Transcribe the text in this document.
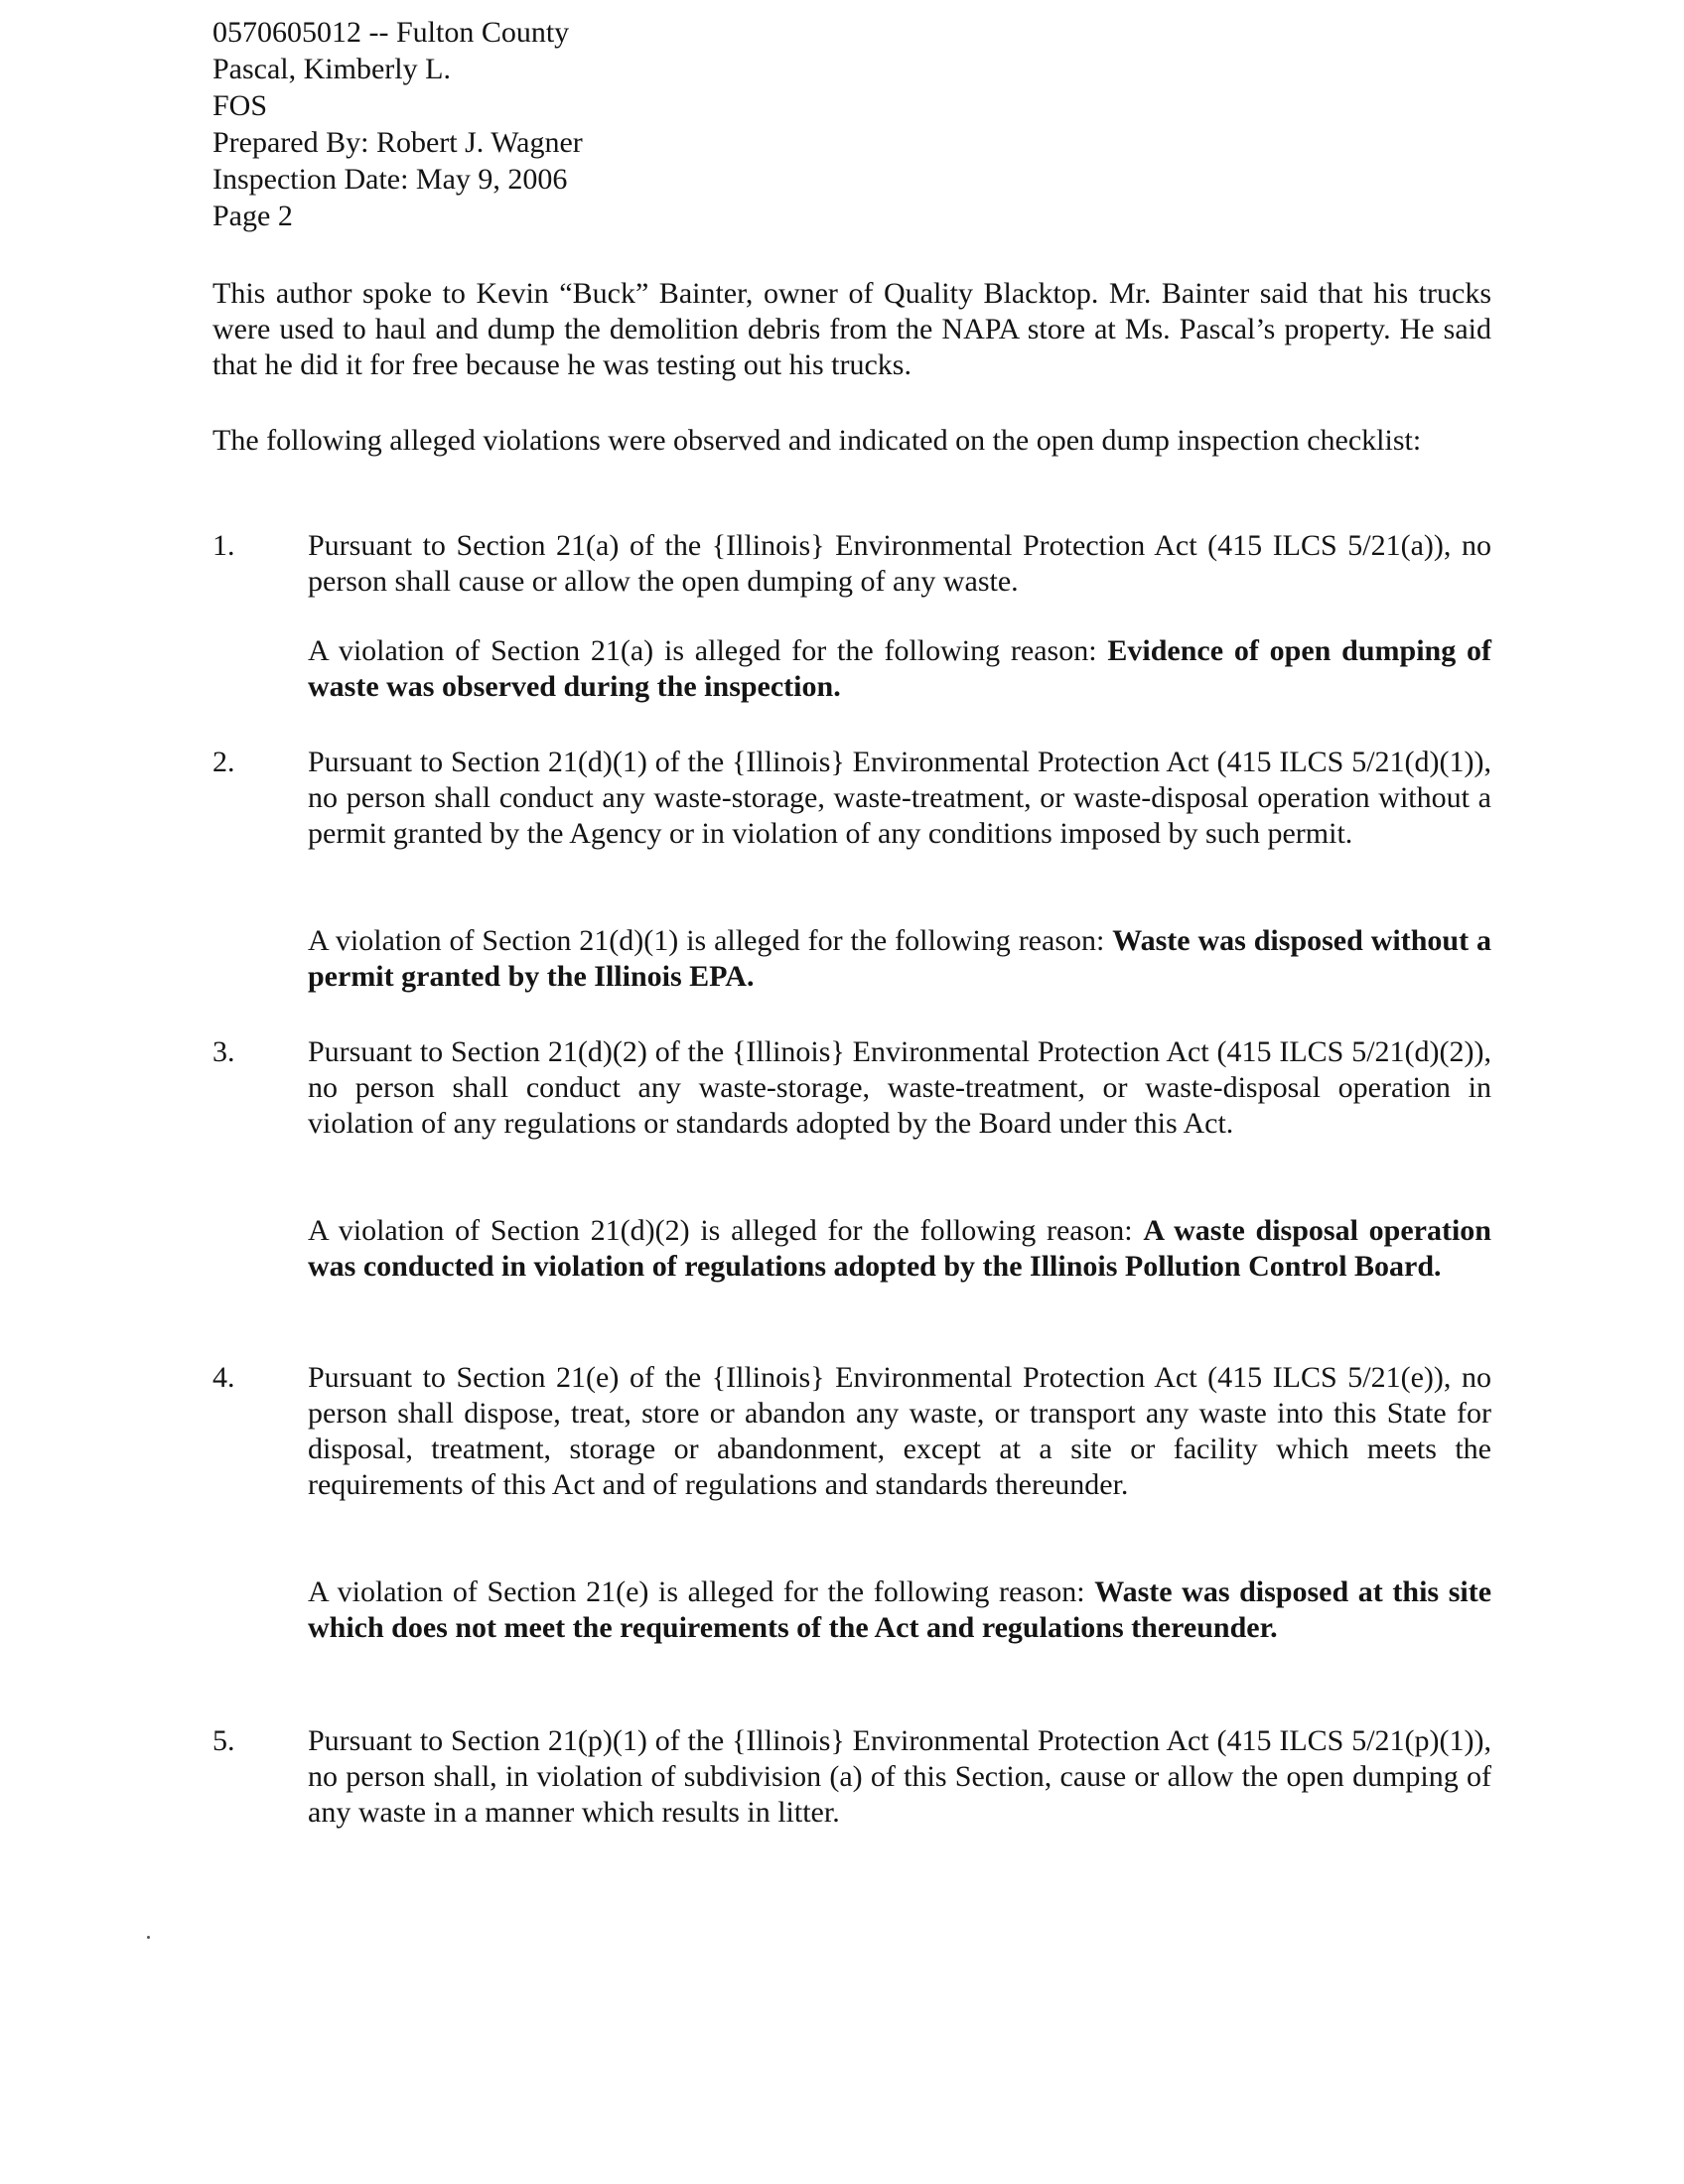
0570605012 -- Fulton County
Pascal, Kimberly L.
FOS
Prepared By: Robert J. Wagner
Inspection Date: May 9, 2006
Page 2
This author spoke to Kevin “Buck” Bainter, owner of Quality Blacktop. Mr. Bainter said that his trucks were used to haul and dump the demolition debris from the NAPA store at Ms. Pascal’s property. He said that he did it for free because he was testing out his trucks.
The following alleged violations were observed and indicated on the open dump inspection checklist:
1.	Pursuant to Section 21(a) of the {Illinois} Environmental Protection Act (415 ILCS 5/21(a)), no person shall cause or allow the open dumping of any waste.
A violation of Section 21(a) is alleged for the following reason: Evidence of open dumping of waste was observed during the inspection.
2.	Pursuant to Section 21(d)(1) of the {Illinois} Environmental Protection Act (415 ILCS 5/21(d)(1)), no person shall conduct any waste-storage, waste-treatment, or waste-disposal operation without a permit granted by the Agency or in violation of any conditions imposed by such permit.
A violation of Section 21(d)(1) is alleged for the following reason: Waste was disposed without a permit granted by the Illinois EPA.
3.	Pursuant to Section 21(d)(2) of the {Illinois} Environmental Protection Act (415 ILCS 5/21(d)(2)), no person shall conduct any waste-storage, waste-treatment, or waste-disposal operation in violation of any regulations or standards adopted by the Board under this Act.
A violation of Section 21(d)(2) is alleged for the following reason: A waste disposal operation was conducted in violation of regulations adopted by the Illinois Pollution Control Board.
4.	Pursuant to Section 21(e) of the {Illinois} Environmental Protection Act (415 ILCS 5/21(e)), no person shall dispose, treat, store or abandon any waste, or transport any waste into this State for disposal, treatment, storage or abandonment, except at a site or facility which meets the requirements of this Act and of regulations and standards thereunder.
A violation of Section 21(e) is alleged for the following reason: Waste was disposed at this site which does not meet the requirements of the Act and regulations thereunder.
5.	Pursuant to Section 21(p)(1) of the {Illinois} Environmental Protection Act (415 ILCS 5/21(p)(1)), no person shall, in violation of subdivision (a) of this Section, cause or allow the open dumping of any waste in a manner which results in litter.
